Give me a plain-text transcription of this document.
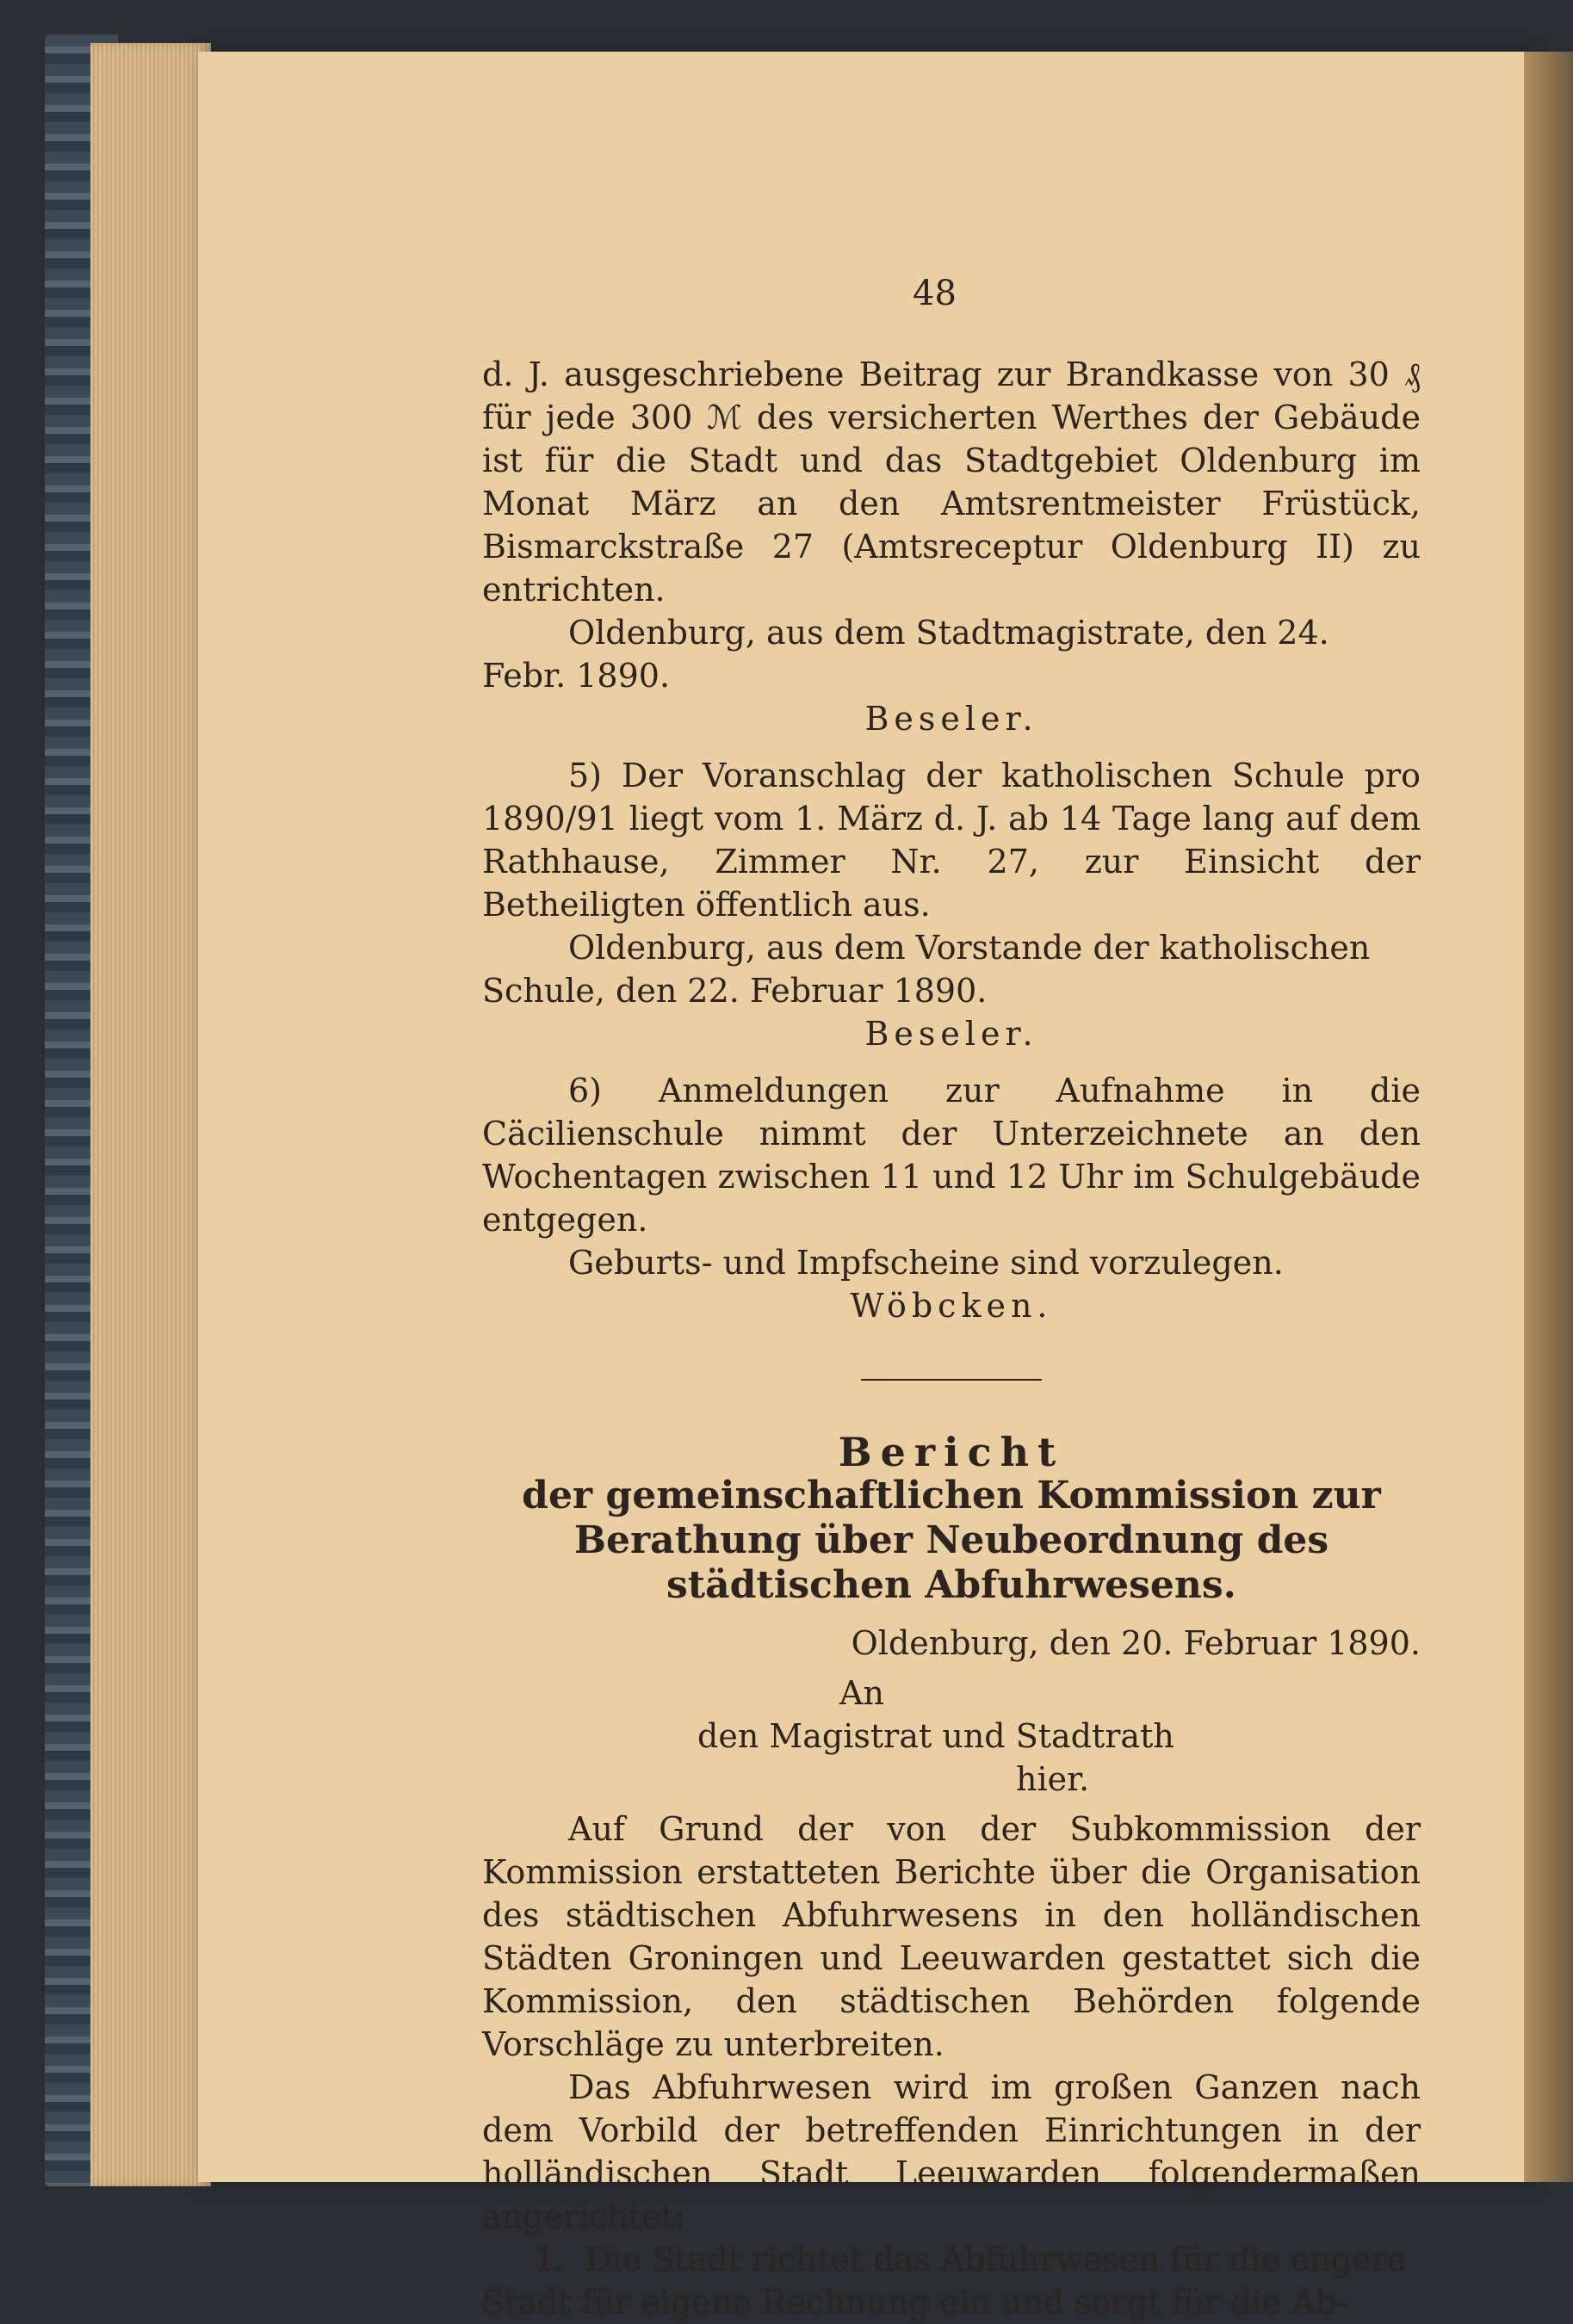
48

d. J. ausgeschriebene Beitrag zur Brandkasse von 30 ₰ für jede 300 ℳ des versicherten Werthes der Gebäude ist für die Stadt und das Stadtgebiet Oldenburg im Monat März an den Amtsrentmeister Früstück, Bismarckstraße 27 (Amtsreceptur Oldenburg II) zu entrichten.

Oldenburg, aus dem Stadtmagistrate, den 24. Febr. 1890.

Beseler.

5) Der Voranschlag der katholischen Schule pro 1890/91 liegt vom 1. März d. J. ab 14 Tage lang auf dem Rathhause, Zimmer Nr. 27, zur Einsicht der Betheiligten öffentlich aus.

Oldenburg, aus dem Vorstande der katholischen Schule, den 22. Februar 1890.

Beseler.

6) Anmeldungen zur Aufnahme in die Cäcilienschule nimmt der Unterzeichnete an den Wochentagen zwischen 11 und 12 Uhr im Schulgebäude entgegen.

Geburts- und Impfscheine sind vorzulegen.

Wöbcken.

Bericht

der gemeinschaftlichen Kommission zur Berathung über Neubeordnung des städtischen Abfuhrwesens.

Oldenburg, den 20. Februar 1890.

An

den Magistrat und Stadtrath

hier.

Auf Grund der von der Subkommission der Kommission erstatteten Berichte über die Organisation des städtischen Abfuhrwesens in den holländischen Städten Groningen und Leeuwarden gestattet sich die Kommission, den städtischen Behörden folgende Vorschläge zu unterbreiten.

Das Abfuhrwesen wird im großen Ganzen nach dem Vorbild der betreffenden Einrichtungen in der holländischen Stadt Leeuwarden folgendermaßen angerichtet:

1. Die Stadt richtet das Abfuhrwesen für die engere Stadt für eigene Rechnung ein und sorgt für die Ab-
